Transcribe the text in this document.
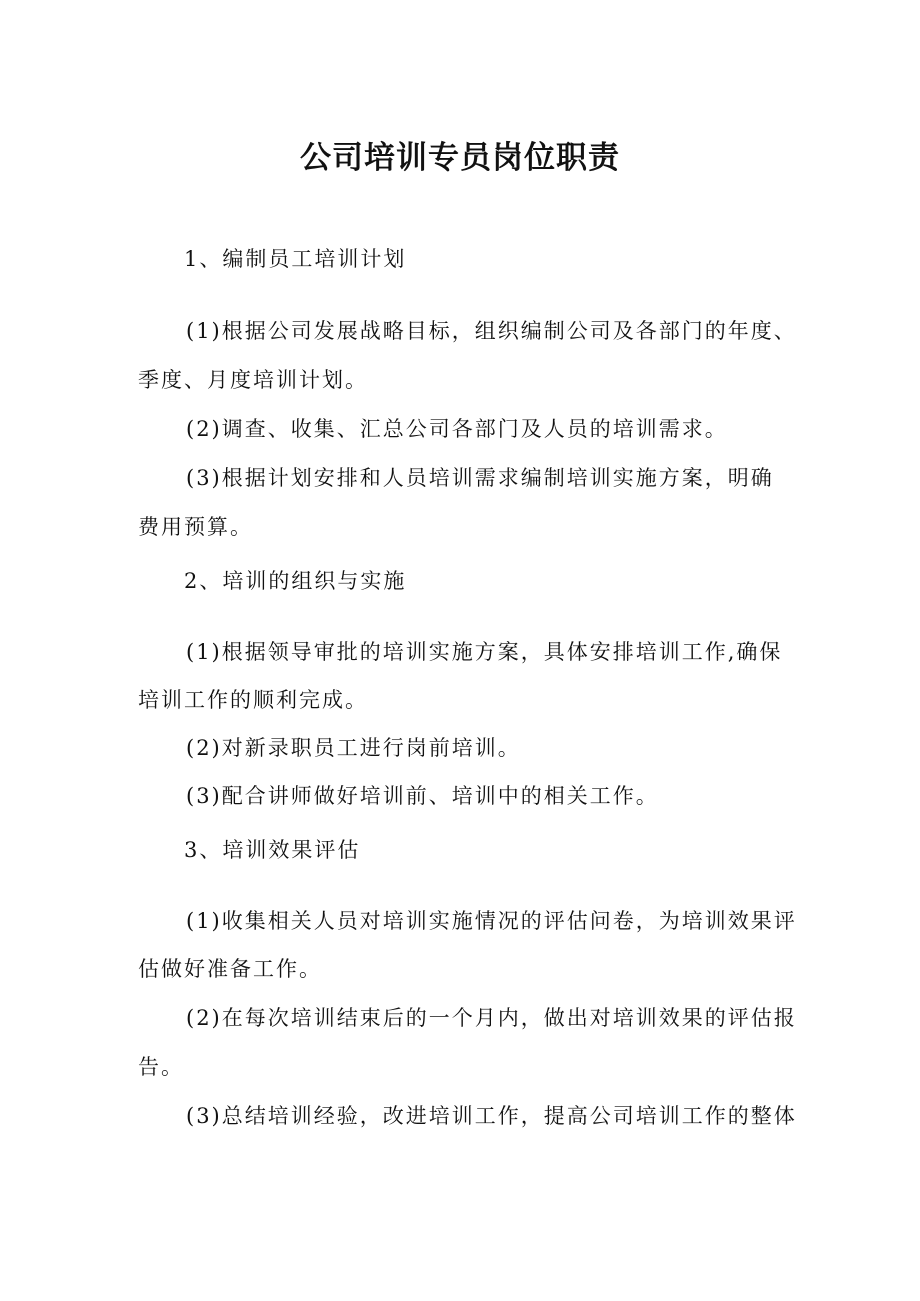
公司培训专员岗位职责
1、编制员工培训计划
(1)根据公司发展战略目标，组织编制公司及各部门的年度、
季度、月度培训计划。
(2)调查、收集、汇总公司各部门及人员的培训需求。
(3)根据计划安排和人员培训需求编制培训实施方案，明确
费用预算。
2、培训的组织与实施
(1)根据领导审批的培训实施方案，具体安排培训工作,确保
培训工作的顺利完成。
(2)对新录职员工进行岗前培训。
(3)配合讲师做好培训前、培训中的相关工作。
3、培训效果评估
(1)收集相关人员对培训实施情况的评估问卷，为培训效果评
估做好准备工作。
(2)在每次培训结束后的一个月内，做出对培训效果的评估报
告。
(3)总结培训经验，改进培训工作，提高公司培训工作的整体
